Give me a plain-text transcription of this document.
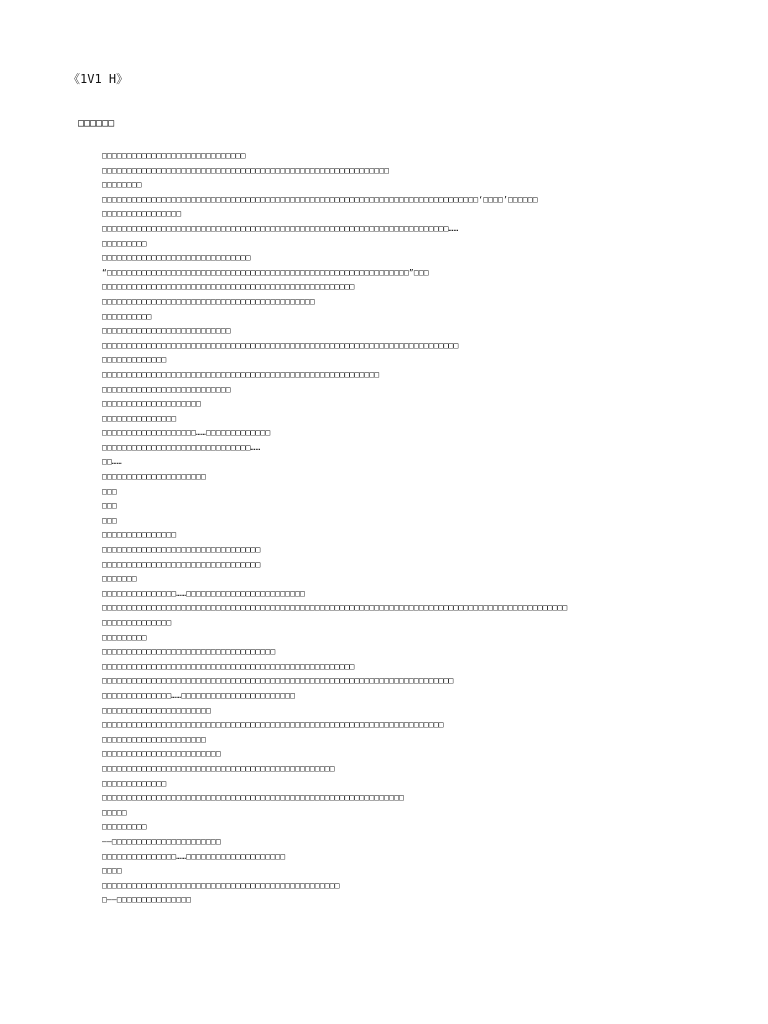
《1V1 H》
□□□□□□

□□□□□□□□□□□□□□□□□□□□□□□□□□□□□

□□□□□□□□□□□□□□□□□□□□□□□□□□□□□□□□□□□□□□□□□□□□□□□□□□□□□□□□□□

□□□□□□□□

□□□□□□□□□□□□□□□□□□□□□□□□□□□□□□□□□□□□□□□□□□□□□□□□□□□□□□□□□□□□□□□□□□□□□□□□□□□□‘□□□□’□□□□□□

□□□□□□□□□□□□□□□□

□□□□□□□□□□□□□□□□□□□□□□□□□□□□□□□□□□□□□□□□□□□□□□□□□□□□□□□□□□□□□□□□□□□□□□……

□□□□□□□□□

□□□□□□□□□□□□□□□□□□□□□□□□□□□□□□

“□□□□□□□□□□□□□□□□□□□□□□□□□□□□□□□□□□□□□□□□□□□□□□□□□□□□□□□□□□□□□”□□□

□□□□□□□□□□□□□□□□□□□□□□□□□□□□□□□□□□□□□□□□□□□□□□□□□□□

□□□□□□□□□□□□□□□□□□□□□□□□□□□□□□□□□□□□□□□□□□□

□□□□□□□□□□

□□□□□□□□□□□□□□□□□□□□□□□□□□

□□□□□□□□□□□□□□□□□□□□□□□□□□□□□□□□□□□□□□□□□□□□□□□□□□□□□□□□□□□□□□□□□□□□□□□□

□□□□□□□□□□□□□

□□□□□□□□□□□□□□□□□□□□□□□□□□□□□□□□□□□□□□□□□□□□□□□□□□□□□□□□

□□□□□□□□□□□□□□□□□□□□□□□□□□

□□□□□□□□□□□□□□□□□□□□

□□□□□□□□□□□□□□□

□□□□□□□□□□□□□□□□□□□……□□□□□□□□□□□□□

□□□□□□□□□□□□□□□□□□□□□□□□□□□□□□……

□□……

□□□□□□□□□□□□□□□□□□□□□

□□□

□□□

□□□

□□□□□□□□□□□□□□□

□□□□□□□□□□□□□□□□□□□□□□□□□□□□□□□□

□□□□□□□□□□□□□□□□□□□□□□□□□□□□□□□□

□□□□□□□

□□□□□□□□□□□□□□□……□□□□□□□□□□□□□□□□□□□□□□□□

□□□□□□□□□□□□□□□□□□□□□□□□□□□□□□□□□□□□□□□□□□□□□□□□□□□□□□□□□□□□□□□□□□□□□□□□□□□□□□□□□□□□□□□□□□□□□□

□□□□□□□□□□□□□□

□□□□□□□□□

□□□□□□□□□□□□□□□□□□□□□□□□□□□□□□□□□□□

□□□□□□□□□□□□□□□□□□□□□□□□□□□□□□□□□□□□□□□□□□□□□□□□□□□

□□□□□□□□□□□□□□□□□□□□□□□□□□□□□□□□□□□□□□□□□□□□□□□□□□□□□□□□□□□□□□□□□□□□□□□

□□□□□□□□□□□□□□……□□□□□□□□□□□□□□□□□□□□□□□

□□□□□□□□□□□□□□□□□□□□□□

□□□□□□□□□□□□□□□□□□□□□□□□□□□□□□□□□□□□□□□□□□□□□□□□□□□□□□□□□□□□□□□□□□□□□

□□□□□□□□□□□□□□□□□□□□□

□□□□□□□□□□□□□□□□□□□□□□□□

□□□□□□□□□□□□□□□□□□□□□□□□□□□□□□□□□□□□□□□□□□□□□□□

□□□□□□□□□□□□□

□□□□□□□□□□□□□□□□□□□□□□□□□□□□□□□□□□□□□□□□□□□□□□□□□□□□□□□□□□□□□

□□□□□

□□□□□□□□□

——□□□□□□□□□□□□□□□□□□□□□□

□□□□□□□□□□□□□□□……□□□□□□□□□□□□□□□□□□□□

□□□□

□□□□□□□□□□□□□□□□□□□□□□□□□□□□□□□□□□□□□□□□□□□□□□□□

□——□□□□□□□□□□□□□□□
